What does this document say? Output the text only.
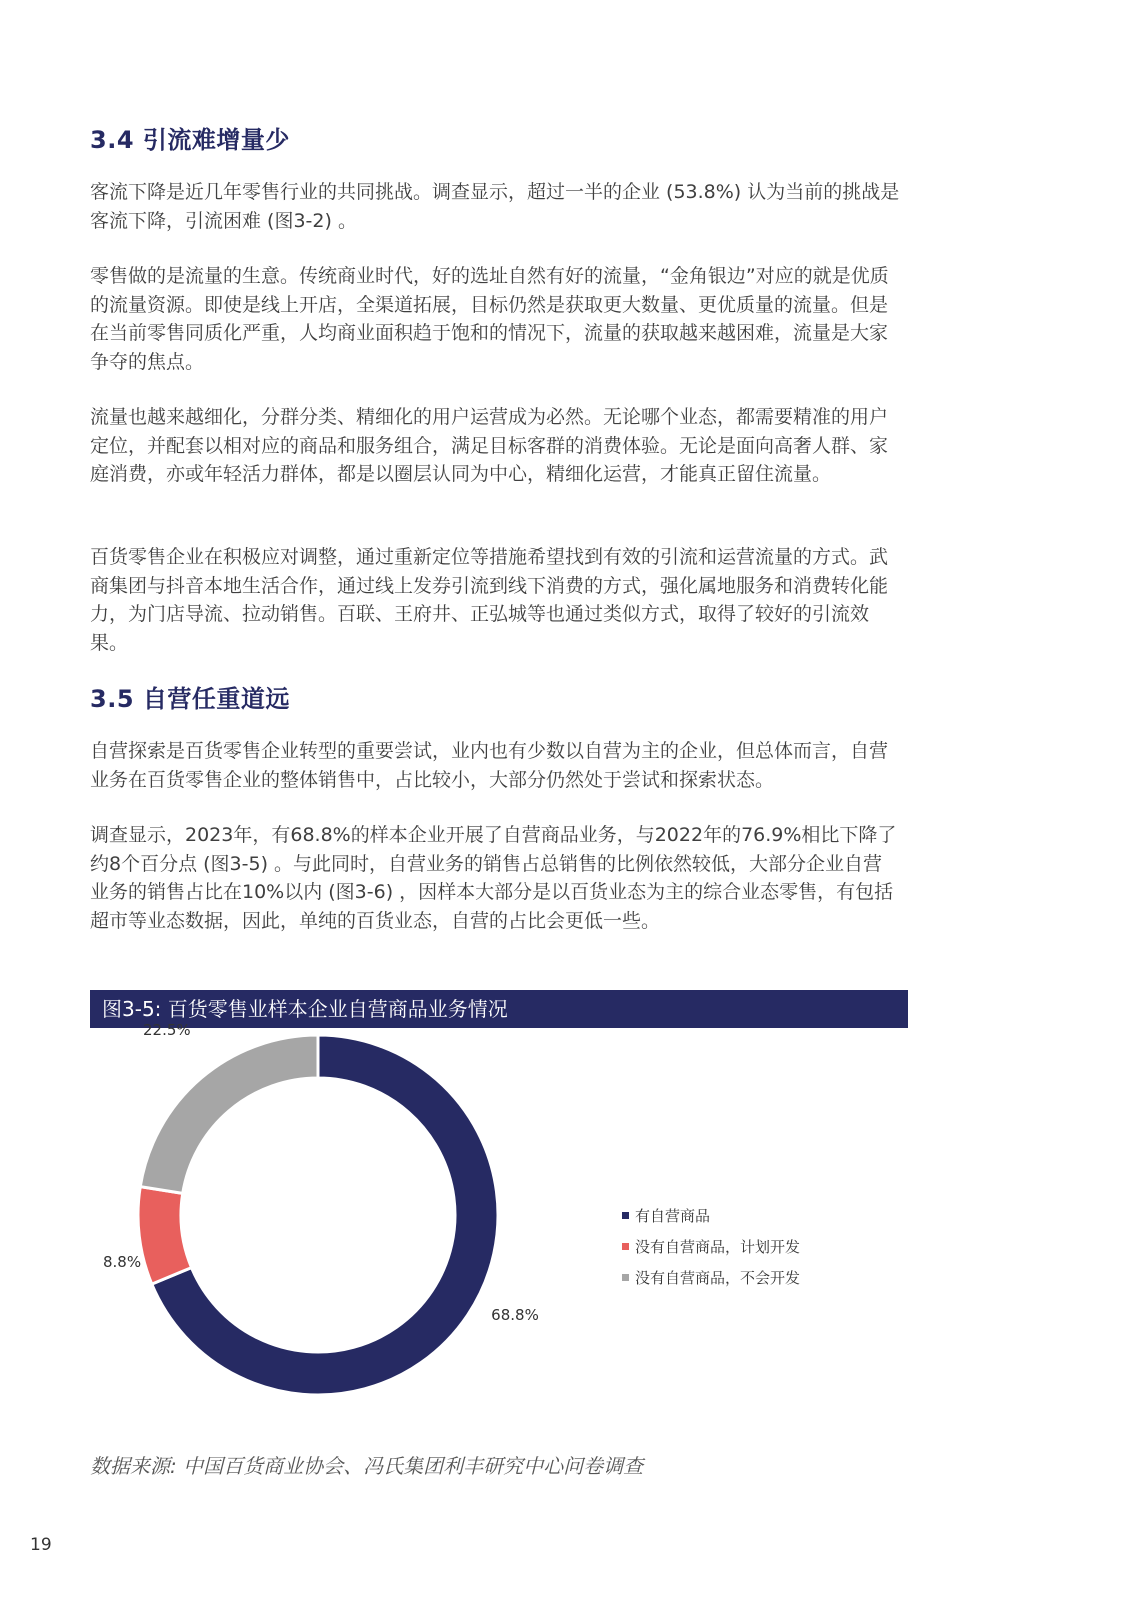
3.4 引流难增量少

客流下降是近几年零售行业的共同挑战。调查显示，超过一半的企业 (53.8%) 认为当前的挑战是客流下降，引流困难 (图3-2) 。

零售做的是流量的生意。传统商业时代，好的选址自然有好的流量，“金角银边”对应的就是优质的流量资源。即使是线上开店，全渠道拓展，目标仍然是获取更大数量、更优质量的流量。但是在当前零售同质化严重，人均商业面积趋于饱和的情况下，流量的获取越来越困难，流量是大家争夺的焦点。

流量也越来越细化，分群分类、精细化的用户运营成为必然。无论哪个业态，都需要精准的用户定位，并配套以相对应的商品和服务组合，满足目标客群的消费体验。无论是面向高奢人群、家庭消费，亦或年轻活力群体，都是以圈层认同为中心，精细化运营，才能真正留住流量。

百货零售企业在积极应对调整，通过重新定位等措施希望找到有效的引流和运营流量的方式。武商集团与抖音本地生活合作，通过线上发券引流到线下消费的方式，强化属地服务和消费转化能力，为门店导流、拉动销售。百联、王府井、正弘城等也通过类似方式，取得了较好的引流效果。

3.5 自营任重道远

自营探索是百货零售企业转型的重要尝试，业内也有少数以自营为主的企业，但总体而言，自营业务在百货零售企业的整体销售中，占比较小，大部分仍然处于尝试和探索状态。

调查显示，2023年，有68.8%的样本企业开展了自营商品业务，与2022年的76.9%相比下降了约8个百分点 (图3-5) 。与此同时，自营业务的销售占总销售的比例依然较低，大部分企业自营业务的销售占比在10%以内 (图3-6) ，因样本大部分是以百货业态为主的综合业态零售，有包括超市等业态数据，因此，单纯的百货业态，自营的占比会更低一些。

图3-5: 百货零售业样本企业自营商品业务情况
68.8%
8.8%
22.5%
有自营商品
没有自营商品，计划开发
没有自营商品，不会开发

数据来源: 中国百货商业协会、冯氏集团利丰研究中心问卷调查

19
